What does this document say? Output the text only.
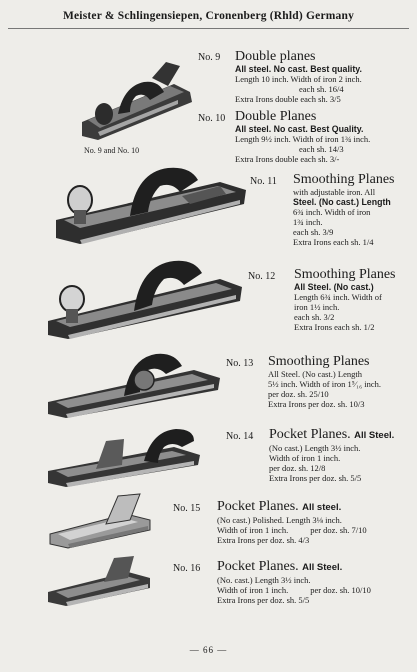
Meister & Schlingensiepen, Cronenberg (Rhld) Germany
No. 9 and No. 10
No. 9 Double planes
All steel. No cast. Best quality.
Length 10 inch. Width of iron 2 inch.
each sh. 16/4
Extra Irons double each sh. 3/5
No. 10 Double Planes
All steel. No cast. Best Quality.
Length 9½ inch. Width of iron 1¾ inch.
each sh. 14/3
Extra Irons double each sh. 3/-
No. 11 Smoothing Planes
with adjustable iron. All
Steel. (No cast.) Length
6¾ inch. Width of iron
1¾ inch.
each sh. 3/9
Extra Irons each sh. 1/4
No. 12 Smoothing Planes
All Steel. (No cast.)
Length 6¾ inch. Width of
iron 1½ inch.
each sh. 3/2
Extra Irons each sh. 1/2
No. 13 Smoothing Planes
All Steel. (No cast.) Length
5½ inch. Width of iron 1⁵⁄₁₆ inch.
per doz. sh. 25/10
Extra Irons per doz. sh. 10/3
No. 14 Pocket Planes. All Steel.
(No cast.) Length 3½ inch.
Width of iron 1 inch.
per doz. sh. 12/8
Extra Irons per doz. sh. 5/5
No. 15 Pocket Planes. All steel.
(No cast.) Polished. Length 3⅛ inch.
Width of iron 1 inch.	per doz. sh. 7/10
Extra Irons per doz. sh. 4/3
No. 16 Pocket Planes. All Steel.
(No. cast.) Length 3½ inch.
Width of iron 1 inch.	per doz. sh. 10/10
Extra Irons per doz. sh. 5/5
— 66 —
